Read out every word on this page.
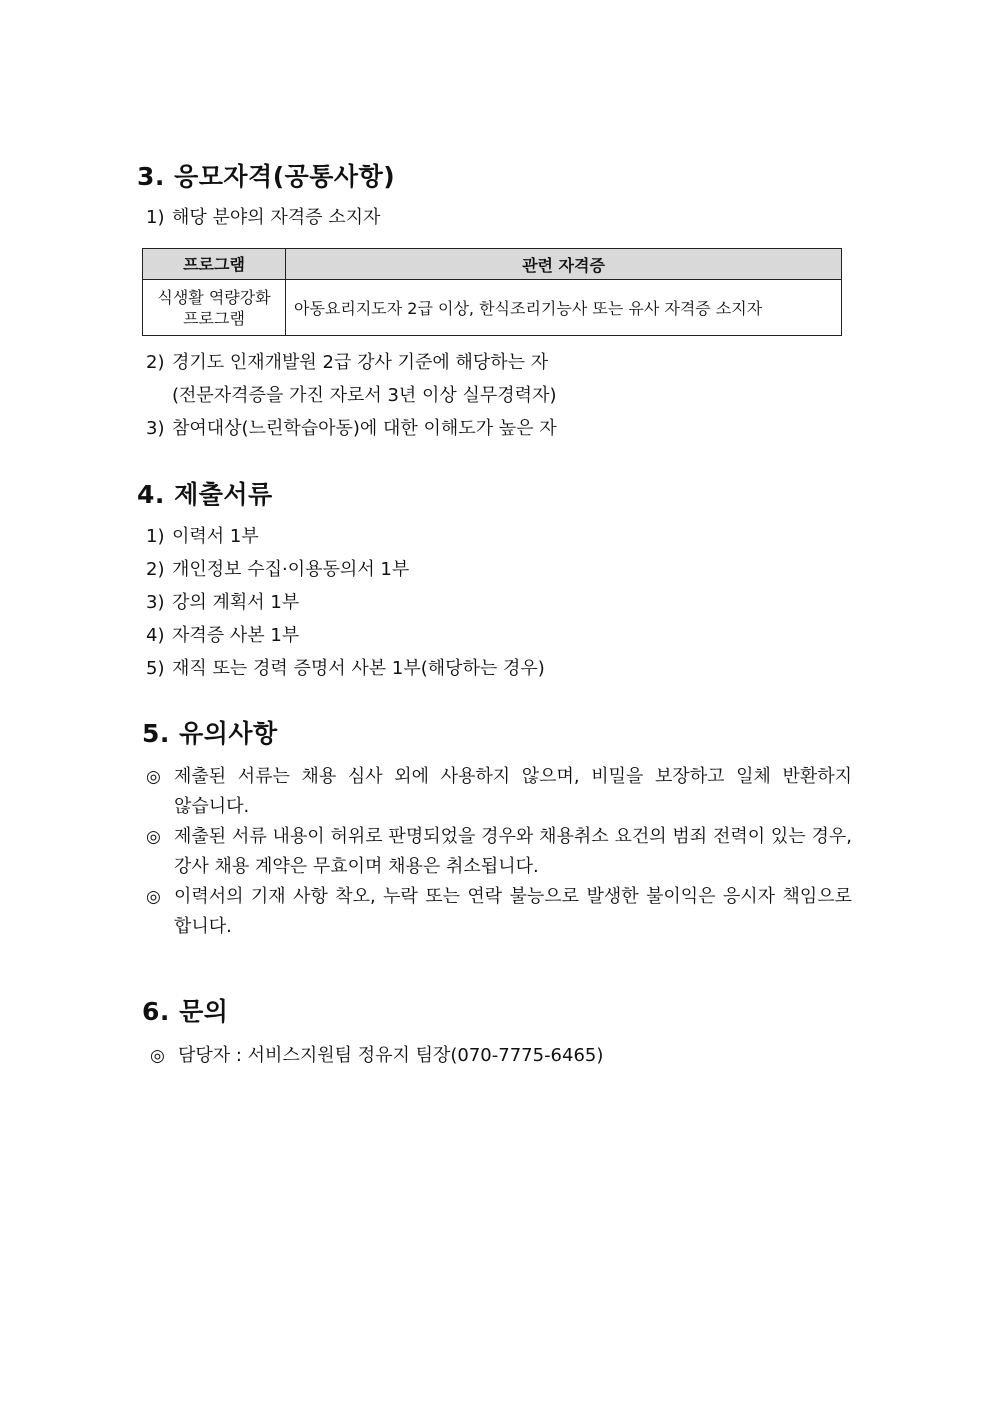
3. 응모자격(공통사항)
1) 해당 분야의 자격증 소지자
프로그램	관련 자격증
식생활 역량강화
프로그램	아동요리지도자 2급 이상, 한식조리기능사 또는 유사 자격증 소지자
2) 경기도 인재개발원 2급 강사 기준에 해당하는 자
(전문자격증을 가진 자로서 3년 이상 실무경력자)
3) 참여대상(느린학습아동)에 대한 이해도가 높은 자
4. 제출서류
1) 이력서 1부
2) 개인정보 수집·이용동의서 1부
3) 강의 계획서 1부
4) 자격증 사본 1부
5) 재직 또는 경력 증명서 사본 1부(해당하는 경우)
5. 유의사항
◎ 제출된 서류는 채용 심사 외에 사용하지 않으며, 비밀을 보장하고 일체 반환하지 않습니다.
◎ 제출된 서류 내용이 허위로 판명되었을 경우와 채용취소 요건의 범죄 전력이 있는 경우, 강사 채용 계약은 무효이며 채용은 취소됩니다.
◎ 이력서의 기재 사항 착오, 누락 또는 연락 불능으로 발생한 불이익은 응시자 책임으로 합니다.
6. 문의
◎ 담당자 : 서비스지원팀 정유지 팀장(070-7775-6465)
